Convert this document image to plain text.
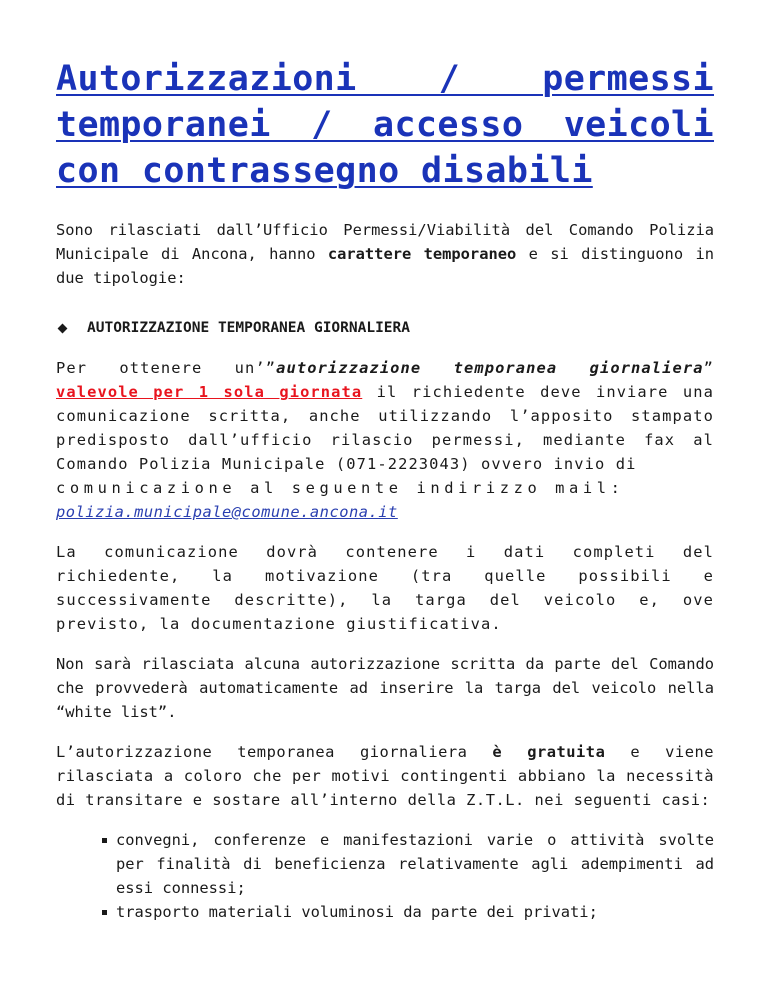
Autorizzazioni / permessi temporanei / accesso veicoli con contrassegno disabili

Sono rilasciati dall’Ufficio Permessi/Viabilità del Comando Polizia Municipale di Ancona, hanno carattere temporaneo e si distinguono in due tipologie:

AUTORIZZAZIONE TEMPORANEA GIORNALIERA

Per ottenere un’”autorizzazione temporanea giornaliera” valevole per 1 sola giornata il richiedente deve inviare una comunicazione scritta, anche utilizzando l’apposito stampato predisposto dall’ufficio rilascio permessi, mediante fax al Comando Polizia Municipale (071-2223043) ovvero invio di
comunicazione al seguente indirizzo mail:
polizia.municipale@comune.ancona.it

La comunicazione dovrà contenere i dati completi del richiedente, la motivazione (tra quelle possibili e successivamente descritte), la targa del veicolo e, ove previsto, la documentazione giustificativa.

Non sarà rilasciata alcuna autorizzazione scritta da parte del Comando che provvederà automaticamente ad inserire la targa del veicolo nella “white list”.

L’autorizzazione temporanea giornaliera è gratuita e viene rilasciata a coloro che per motivi contingenti abbiano la necessità di transitare e sostare all’interno della Z.T.L. nei seguenti casi:

convegni, conferenze e manifestazioni varie o attività svolte per finalità di beneficienza relativamente agli adempimenti ad essi connessi;
trasporto materiali voluminosi da parte dei privati;
